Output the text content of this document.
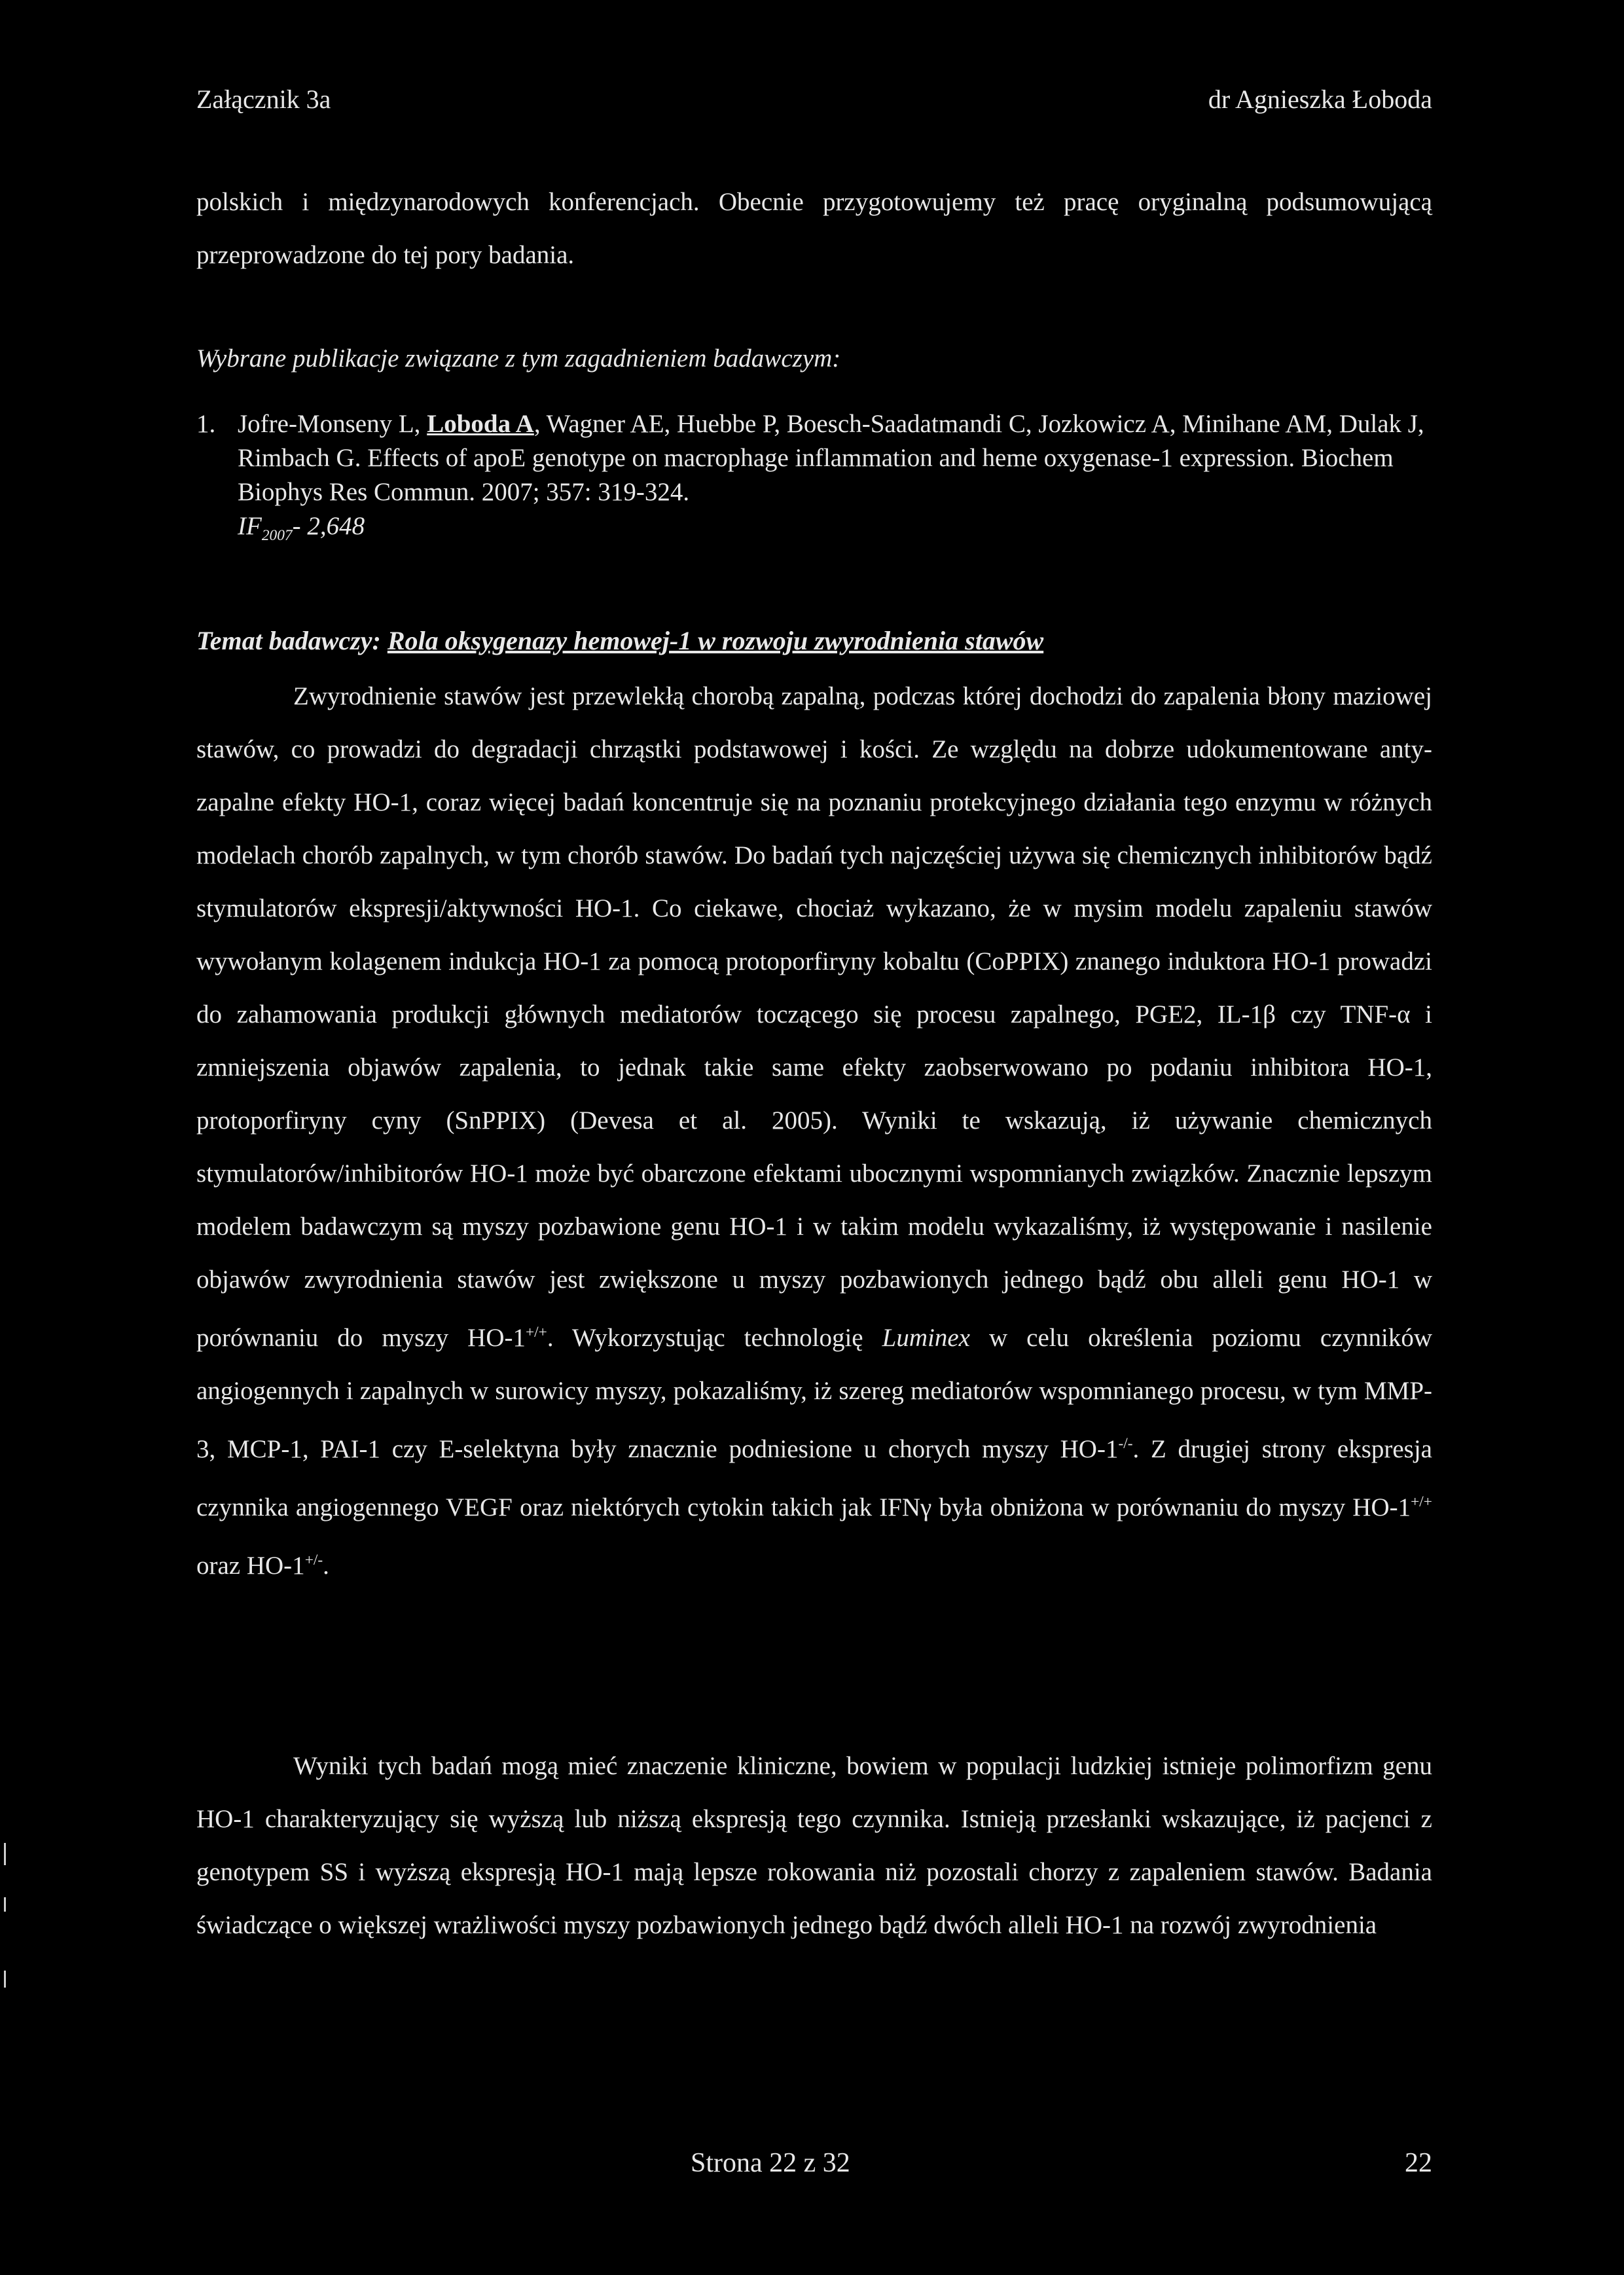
Załącznik 3a	dr Agnieszka Łoboda

polskich i międzynarodowych konferencjach. Obecnie przygotowujemy też pracę oryginalną podsumowującą przeprowadzone do tej pory badania.

Wybrane publikacje związane z tym zagadnieniem badawczym:

1. Jofre-Monseny L, Loboda A, Wagner AE, Huebbe P, Boesch-Saadatmandi C, Jozkowicz A, Minihane AM, Dulak J, Rimbach G. Effects of apoE genotype on macrophage inflammation and heme oxygenase-1 expression. Biochem Biophys Res Commun. 2007; 357: 319-324.
$IF_{2007}-$ 2,648
Temat badawczy: Rola oksygenazy hemowej-1 w rozwoju zwyrodnienia stawów

Zwyrodnienie stawów jest przewlekłą chorobą zapalną, podczas której dochodzi do zapalenia błony maziowej stawów, co prowadzi do degradacji chrząstki podstawowej i kości. Ze względu na dobrze udokumentowane anty-zapalne efekty HO-1, coraz więcej badań koncentruje się na poznaniu protekcyjnego działania tego enzymu w różnych modelach chorób zapalnych, w tym chorób stawów. Do badań tych najczęściej używa się chemicznych inhibitorów bądź stymulatorów ekspresji/aktywności HO-1. Co ciekawe, chociaż wykazano, że w mysim modelu zapaleniu stawów wywołanym kolagenem indukcja HO-1 za pomocą protoporfiryny kobaltu (CoPPIX) znanego induktora HO-1 prowadzi do zahamowania produkcji głównych mediatorów toczącego się procesu zapalnego, PGE2, IL-1β czy TNF-α i zmniejszenia objawów zapalenia, to jednak takie same efekty zaobserwowano po podaniu inhibitora HO-1, protoporfiryny cyny (SnPPIX) (Devesa et al. 2005). Wyniki te wskazują, iż używanie chemicznych stymulatorów/inhibitorów HO-1 może być obarczone efektami ubocznymi wspomnianych związków. Znacznie lepszym modelem badawczym są myszy pozbawione genu HO-1 i w takim modelu wykazaliśmy, iż występowanie i nasilenie objawów zwyrodnienia stawów jest zwiększone u myszy pozbawionych jednego bądź obu alleli genu HO-1 w porównaniu do myszy HO-1+/+. Wykorzystując technologię Luminex w celu określenia poziomu czynników angiogennych i zapalnych w surowicy myszy, pokazaliśmy, iż szereg mediatorów wspomnianego procesu, w tym MMP-3, MCP-1, PAI-1 czy E-selektyna były znacznie podniesione u chorych myszy HO-1-/-. Z drugiej strony ekspresja czynnika angiogennego VEGF oraz niektórych cytokin takich jak IFNγ była obniżona w porównaniu do myszy HO-1+/+ oraz HO-1+/-.

Wyniki tych badań mogą mieć znaczenie kliniczne, bowiem w populacji ludzkiej istnieje polimorfizm genu HO-1 charakteryzujący się wyższą lub niższą ekspresją tego czynnika. Istnieją przesłanki wskazujące, iż pacjenci z genotypem SS i wyższą ekspresją HO-1 mają lepsze rokowania niż pozostali chorzy z zapaleniem stawów. Badania świadczące o większej wrażliwości myszy pozbawionych jednego bądź dwóch alleli HO-1 na rozwój zwyrodnienia

Strona 22 z 32	22
